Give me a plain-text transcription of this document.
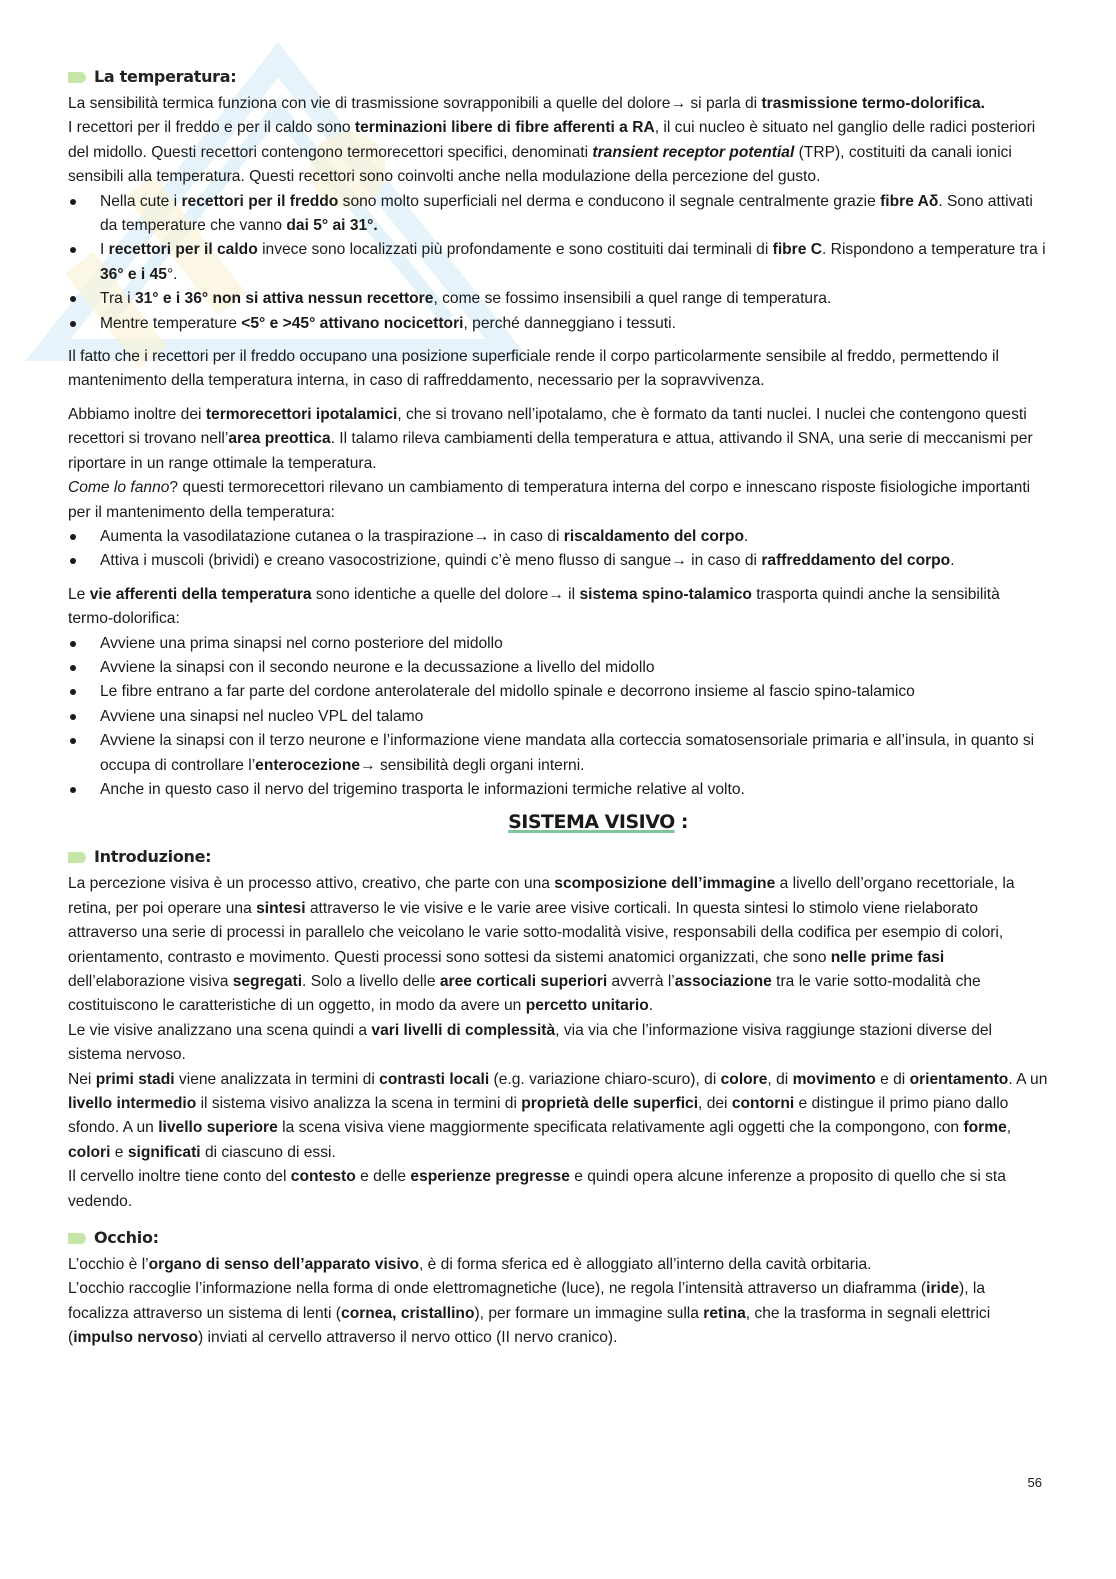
La temperatura:

La sensibilità termica funziona con vie di trasmissione sovrapponibili a quelle del dolore→ si parla di trasmissione termo-dolorifica.

I recettori per il freddo e per il caldo sono terminazioni libere di fibre afferenti a RA, il cui nucleo è situato nel ganglio delle radici posteriori del midollo. Questi recettori contengono termorecettori specifici, denominati transient receptor potential (TRP), costituiti da canali ionici sensibili alla temperatura. Questi recettori sono coinvolti anche nella modulazione della percezione del gusto.

Nella cute i recettori per il freddo sono molto superficiali nel derma e conducono il segnale centralmente grazie fibre Aδ. Sono attivati da temperature che vanno dai 5° ai 31°.
I recettori per il caldo invece sono localizzati più profondamente e sono costituiti dai terminali di fibre C. Rispondono a temperature tra i 36° e i 45°.
Tra i 31° e i 36° non si attiva nessun recettore, come se fossimo insensibili a quel range di temperatura.
Mentre temperature <5° e >45° attivano nocicettori, perché danneggiano i tessuti.

Il fatto che i recettori per il freddo occupano una posizione superficiale rende il corpo particolarmente sensibile al freddo, permettendo il mantenimento della temperatura interna, in caso di raffreddamento, necessario per la sopravvivenza.

Abbiamo inoltre dei termorecettori ipotalamici, che si trovano nell’ipotalamo, che è formato da tanti nuclei. I nuclei che contengono questi recettori si trovano nell’area preottica. Il talamo rileva cambiamenti della temperatura e attua, attivando il SNA, una serie di meccanismi per riportare in un range ottimale la temperatura.

Come lo fanno? questi termorecettori rilevano un cambiamento di temperatura interna del corpo e innescano risposte fisiologiche importanti per il mantenimento della temperatura:

Aumenta la vasodilatazione cutanea o la traspirazione→ in caso di riscaldamento del corpo.
Attiva i muscoli (brividi) e creano vasocostrizione, quindi c’è meno flusso di sangue→ in caso di raffreddamento del corpo.

Le vie afferenti della temperatura sono identiche a quelle del dolore→ il sistema spino-talamico trasporta quindi anche la sensibilità termo-dolorifica:

Avviene una prima sinapsi nel corno posteriore del midollo
Avviene la sinapsi con il secondo neurone e la decussazione a livello del midollo
Le fibre entrano a far parte del cordone anterolaterale del midollo spinale e decorrono insieme al fascio spino-talamico
Avviene una sinapsi nel nucleo VPL del talamo
Avviene la sinapsi con il terzo neurone e l’informazione viene mandata alla corteccia somatosensoriale primaria e all’insula, in quanto si occupa di controllare l’enterocezione→ sensibilità degli organi interni.
Anche in questo caso il nervo del trigemino trasporta le informazioni termiche relative al volto.
SISTEMA VISIVO :
Introduzione:

La percezione visiva è un processo attivo, creativo, che parte con una scomposizione dell’immagine a livello dell’organo recettoriale, la retina, per poi operare una sintesi attraverso le vie visive e le varie aree visive corticali. In questa sintesi lo stimolo viene rielaborato attraverso una serie di processi in parallelo che veicolano le varie sotto-modalità visive, responsabili della codifica per esempio di colori, orientamento, contrasto e movimento. Questi processi sono sottesi da sistemi anatomici organizzati, che sono nelle prime fasi dell’elaborazione visiva segregati. Solo a livello delle aree corticali superiori avverrà l’associazione tra le varie sotto-modalità che costituiscono le caratteristiche di un oggetto, in modo da avere un percetto unitario.

Le vie visive analizzano una scena quindi a vari livelli di complessità, via via che l’informazione visiva raggiunge stazioni diverse del sistema nervoso.

Nei primi stadi viene analizzata in termini di contrasti locali (e.g. variazione chiaro-scuro), di colore, di movimento e di orientamento. A un livello intermedio il sistema visivo analizza la scena in termini di proprietà delle superfici, dei contorni e distingue il primo piano dallo sfondo. A un livello superiore la scena visiva viene maggiormente specificata relativamente agli oggetti che la compongono, con forme, colori e significati di ciascuno di essi.

Il cervello inoltre tiene conto del contesto e delle esperienze pregresse e quindi opera alcune inferenze a proposito di quello che si sta vedendo.

Occhio:

L’occhio è l’organo di senso dell’apparato visivo, è di forma sferica ed è alloggiato all’interno della cavità orbitaria.

L’occhio raccoglie l’informazione nella forma di onde elettromagnetiche (luce), ne regola l’intensità attraverso un diaframma (iride), la focalizza attraverso un sistema di lenti (cornea, cristallino), per formare un immagine sulla retina, che la trasforma in segnali elettrici (impulso nervoso) inviati al cervello attraverso il nervo ottico (II nervo cranico).

56
